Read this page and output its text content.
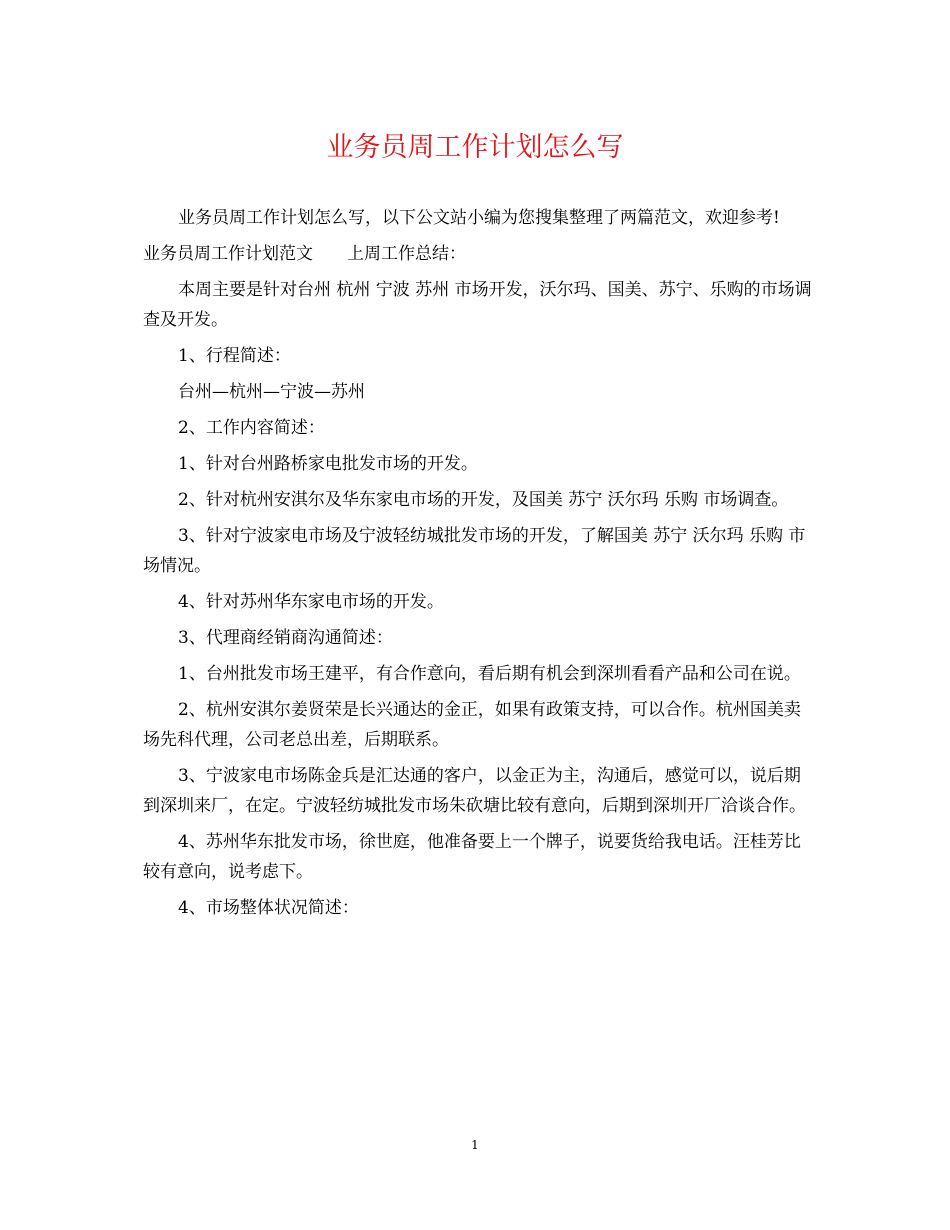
业务员周工作计划怎么写

业务员周工作计划怎么写，以下公文站小编为您搜集整理了两篇范文，欢迎参考!

业务员周工作计划范文 上周工作总结：

本周主要是针对台州 杭州 宁波 苏州 市场开发，沃尔玛、国美、苏宁、乐购的市场调查及开发。

1、行程简述：

台州—杭州—宁波—苏州

2、工作内容简述：

1、针对台州路桥家电批发市场的开发。

2、针对杭州安淇尔及华东家电市场的开发，及国美 苏宁 沃尔玛 乐购 市场调查。

3、针对宁波家电市场及宁波轻纺城批发市场的开发，了解国美 苏宁 沃尔玛 乐购 市场情况。

4、针对苏州华东家电市场的开发。

3、代理商经销商沟通简述：

1、台州批发市场王建平，有合作意向，看后期有机会到深圳看看产品和公司在说。

2、杭州安淇尔姜贤荣是长兴通达的金正，如果有政策支持，可以合作。杭州国美卖场先科代理，公司老总出差，后期联系。

3、宁波家电市场陈金兵是汇达通的客户，以金正为主，沟通后，感觉可以，说后期到深圳来厂，在定。宁波轻纺城批发市场朱砍塘比较有意向，后期到深圳开厂洽谈合作。

4、苏州华东批发市场，徐世庭，他准备要上一个牌子，说要货给我电话。汪桂芳比较有意向，说考虑下。

4、市场整体状况简述：

1
